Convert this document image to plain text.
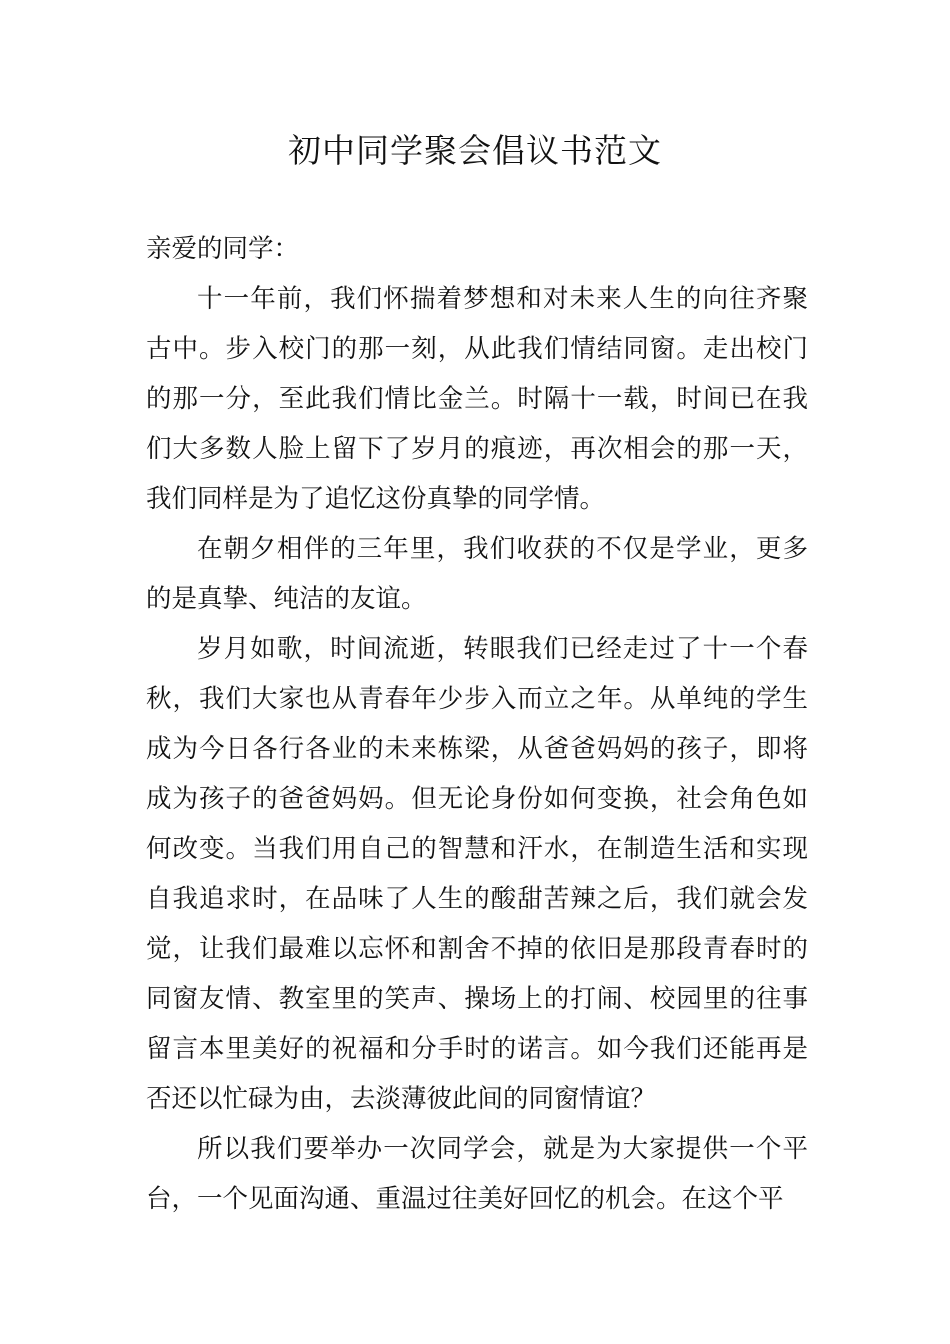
初中同学聚会倡议书范文

亲爱的同学：

十一年前，我们怀揣着梦想和对未来人生的向往齐聚古中。步入校门的那一刻，从此我们情结同窗。走出校门的那一分，至此我们情比金兰。时隔十一载，时间已在我们大多数人脸上留下了岁月的痕迹，再次相会的那一天，我们同样是为了追忆这份真挚的同学情。

在朝夕相伴的三年里，我们收获的不仅是学业，更多的是真挚、纯洁的友谊。

岁月如歌，时间流逝，转眼我们已经走过了十一个春秋，我们大家也从青春年少步入而立之年。从单纯的学生成为今日各行各业的未来栋梁，从爸爸妈妈的孩子，即将成为孩子的爸爸妈妈。但无论身份如何变换，社会角色如何改变。当我们用自己的智慧和汗水，在制造生活和实现自我追求时，在品味了人生的酸甜苦辣之后，我们就会发觉，让我们最难以忘怀和割舍不掉的依旧是那段青春时的同窗友情、教室里的笑声、操场上的打闹、校园里的往事留言本里美好的祝福和分手时的诺言。如今我们还能再是否还以忙碌为由，去淡薄彼此间的同窗情谊？

所以我们要举办一次同学会，就是为大家提供一个平台，一个见面沟通、重温过往美好回忆的机会。在这个平
